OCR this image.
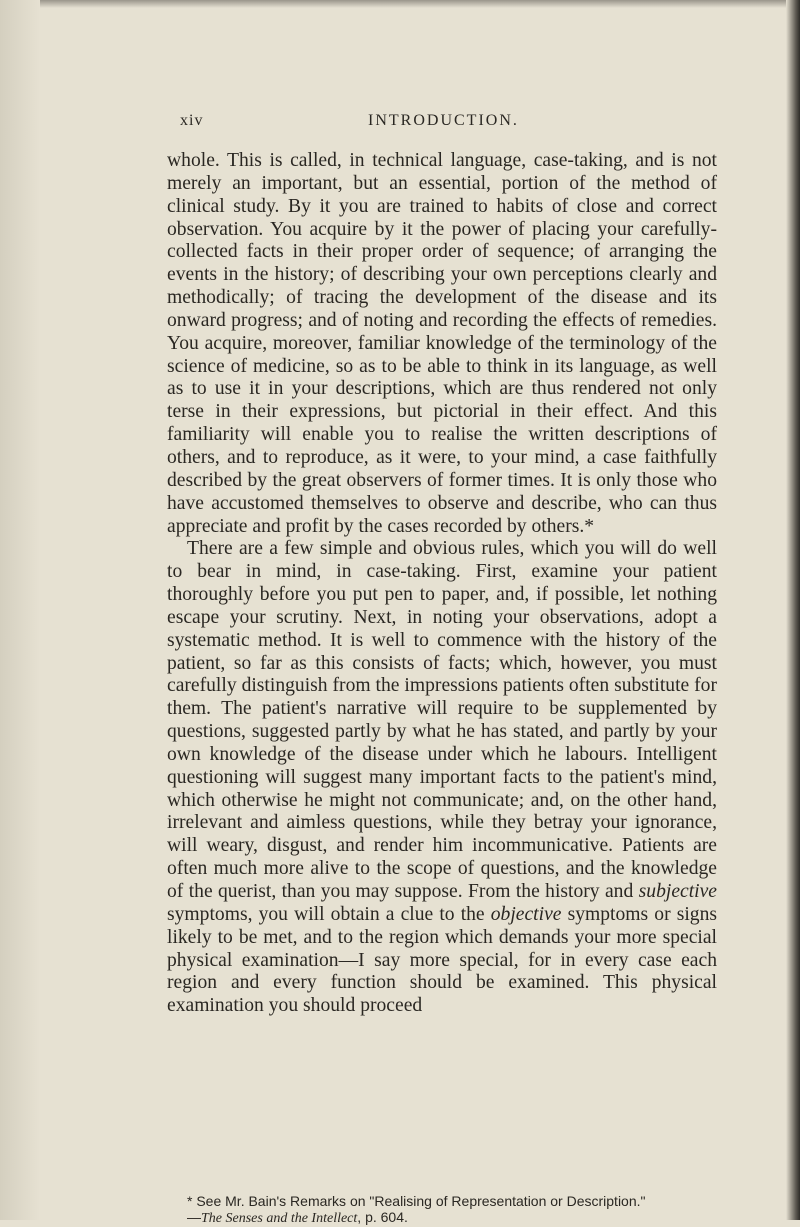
xiv	INTRODUCTION.

whole. This is called, in technical language, case-taking, and is not merely an important, but an essential, portion of the method of clinical study. By it you are trained to habits of close and correct observation. You acquire by it the power of placing your carefully-collected facts in their proper order of sequence; of arranging the events in the history; of describing your own perceptions clearly and methodically; of tracing the development of the disease and its onward progress; and of noting and recording the effects of remedies. You acquire, moreover, familiar knowledge of the terminology of the science of medicine, so as to be able to think in its language, as well as to use it in your descriptions, which are thus rendered not only terse in their expressions, but pictorial in their effect. And this familiarity will enable you to realise the written descriptions of others, and to reproduce, as it were, to your mind, a case faithfully described by the great observers of former times. It is only those who have accustomed themselves to observe and describe, who can thus appreciate and profit by the cases recorded by others.*

There are a few simple and obvious rules, which you will do well to bear in mind, in case-taking. First, examine your patient thoroughly before you put pen to paper, and, if possible, let nothing escape your scrutiny. Next, in noting your observations, adopt a systematic method. It is well to commence with the history of the patient, so far as this consists of facts; which, however, you must carefully distinguish from the impressions patients often substitute for them. The patient's narrative will require to be supplemented by questions, suggested partly by what he has stated, and partly by your own knowledge of the disease under which he labours. Intelligent questioning will suggest many important facts to the patient's mind, which otherwise he might not communicate; and, on the other hand, irrelevant and aimless questions, while they betray your ignorance, will weary, disgust, and render him incommunicative. Patients are often much more alive to the scope of questions, and the knowledge of the querist, than you may suppose. From the history and subjective symptoms, you will obtain a clue to the objective symptoms or signs likely to be met, and to the region which demands your more special physical examination—I say more special, for in every case each region and every function should be examined. This physical examination you should proceed

* See Mr. Bain's Remarks on "Realising of Representation or Description."
—The Senses and the Intellect, p. 604.
